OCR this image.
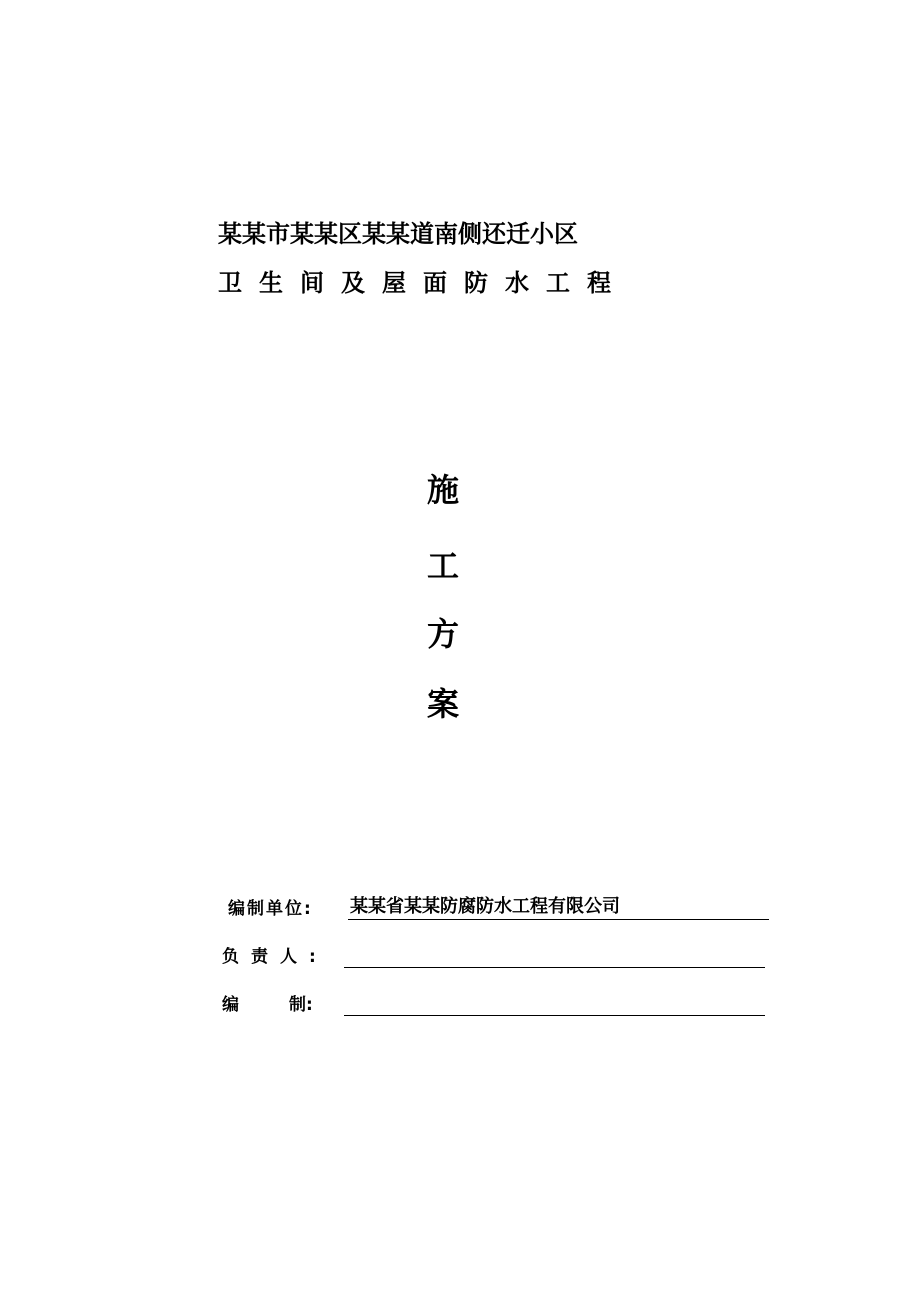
某某市某某区某某道南侧还迁小区
卫生间及屋面防水工程
施
工
方
案
编制单位: 某某省某某防腐防水工程有限公司
负责人:
编	制:
